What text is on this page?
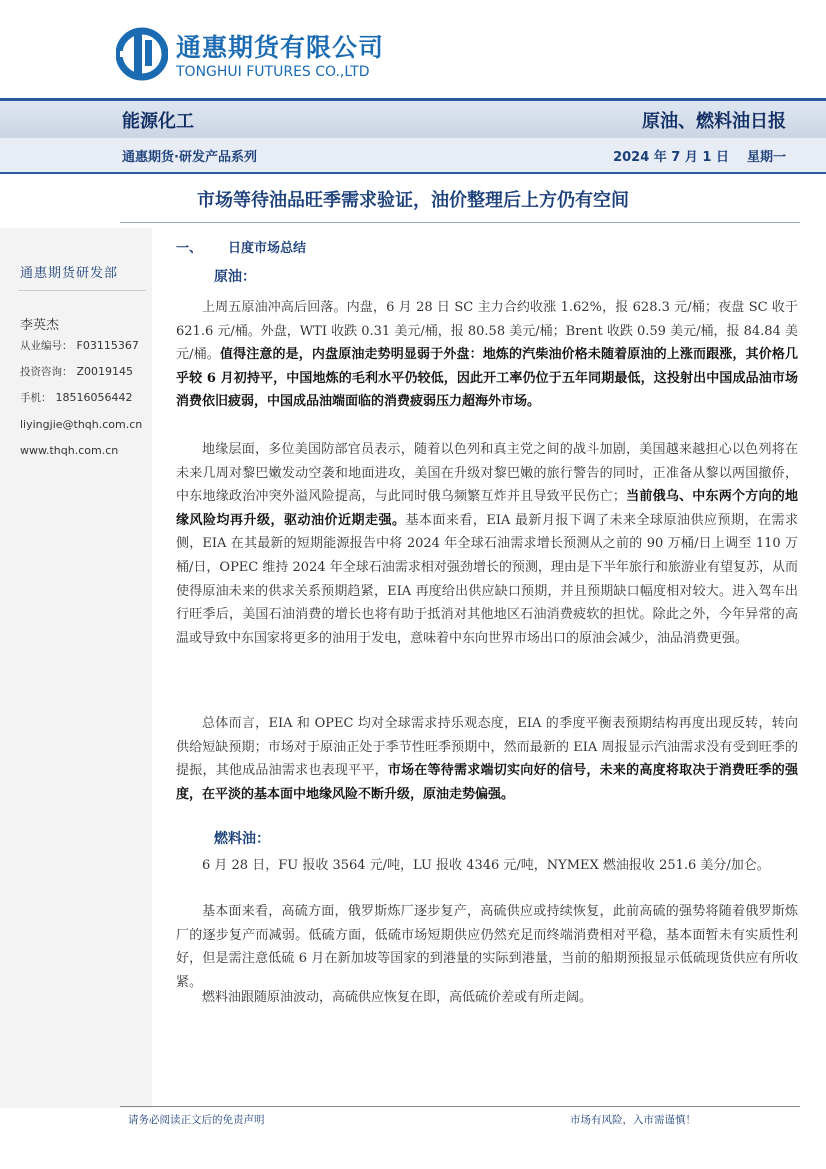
通惠期货有限公司
TONGHUI FUTURES CO.,LTD
能源化工	原油、燃料油日报
通惠期货·研发产品系列	2024 年 7 月 1 日 星期一
市场等待油品旺季需求验证，油价整理后上方仍有空间
通惠期货研发部
李英杰
从业编号： F03115367
投资咨询： Z0019145
手机： 18516056442
liyingjie@thqh.com.cn
www.thqh.com.cn
一、 日度市场总结
原油：

上周五原油冲高后回落。内盘，6 月 28 日 SC 主力合约收涨 1.62%，报 628.3 元/桶；夜盘 SC 收于 621.6 元/桶。外盘，WTI 收跌 0.31 美元/桶，报 80.58 美元/桶；Brent 收跌 0.59 美元/桶，报 84.84 美元/桶。值得注意的是，内盘原油走势明显弱于外盘：地炼的汽柴油价格未随着原油的上涨而跟涨，其价格几乎较 6 月初持平，中国地炼的毛利水平仍较低，因此开工率仍位于五年同期最低，这投射出中国成品油市场消费依旧疲弱，中国成品油端面临的消费疲弱压力超海外市场。

地缘层面，多位美国防部官员表示，随着以色列和真主党之间的战斗加剧，美国越来越担心以色列将在未来几周对黎巴嫩发动空袭和地面进攻，美国在升级对黎巴嫩的旅行警告的同时，正准备从黎以两国撤侨，中东地缘政治冲突外溢风险提高，与此同时俄乌频繁互炸并且导致平民伤亡；当前俄乌、中东两个方向的地缘风险均再升级，驱动油价近期走强。基本面来看，EIA 最新月报下调了未来全球原油供应预期，在需求侧，EIA 在其最新的短期能源报告中将 2024 年全球石油需求增长预测从之前的 90 万桶/日上调至 110 万桶/日，OPEC 维持 2024 年全球石油需求相对强劲增长的预测，理由是下半年旅行和旅游业有望复苏，从而使得原油未来的供求关系预期趋紧，EIA 再度给出供应缺口预期，并且预期缺口幅度相对较大。进入驾车出行旺季后，美国石油消费的增长也将有助于抵消对其他地区石油消费疲软的担忧。除此之外，今年异常的高温或导致中东国家将更多的油用于发电，意味着中东向世界市场出口的原油会减少，油品消费更强。

总体而言，EIA 和 OPEC 均对全球需求持乐观态度，EIA 的季度平衡表预期结构再度出现反转，转向供给短缺预期；市场对于原油正处于季节性旺季预期中，然而最新的 EIA 周报显示汽油需求没有受到旺季的提振，其他成品油需求也表现平平，市场在等待需求端切实向好的信号，未来的高度将取决于消费旺季的强度，在平淡的基本面中地缘风险不断升级，原油走势偏强。

燃料油：

6 月 28 日，FU 报收 3564 元/吨，LU 报收 4346 元/吨，NYMEX 燃油报收 251.6 美分/加仑。

基本面来看，高硫方面，俄罗斯炼厂逐步复产，高硫供应或持续恢复，此前高硫的强势将随着俄罗斯炼厂的逐步复产而减弱。低硫方面，低硫市场短期供应仍然充足而终端消费相对平稳，基本面暂未有实质性利好，但是需注意低硫 6 月在新加坡等国家的到港量的实际到港量，当前的船期预报显示低硫现货供应有所收紧。

燃料油跟随原油波动，高硫供应恢复在即，高低硫价差或有所走阔。

请务必阅读正文后的免责声明	市场有风险，入市需谨慎！
